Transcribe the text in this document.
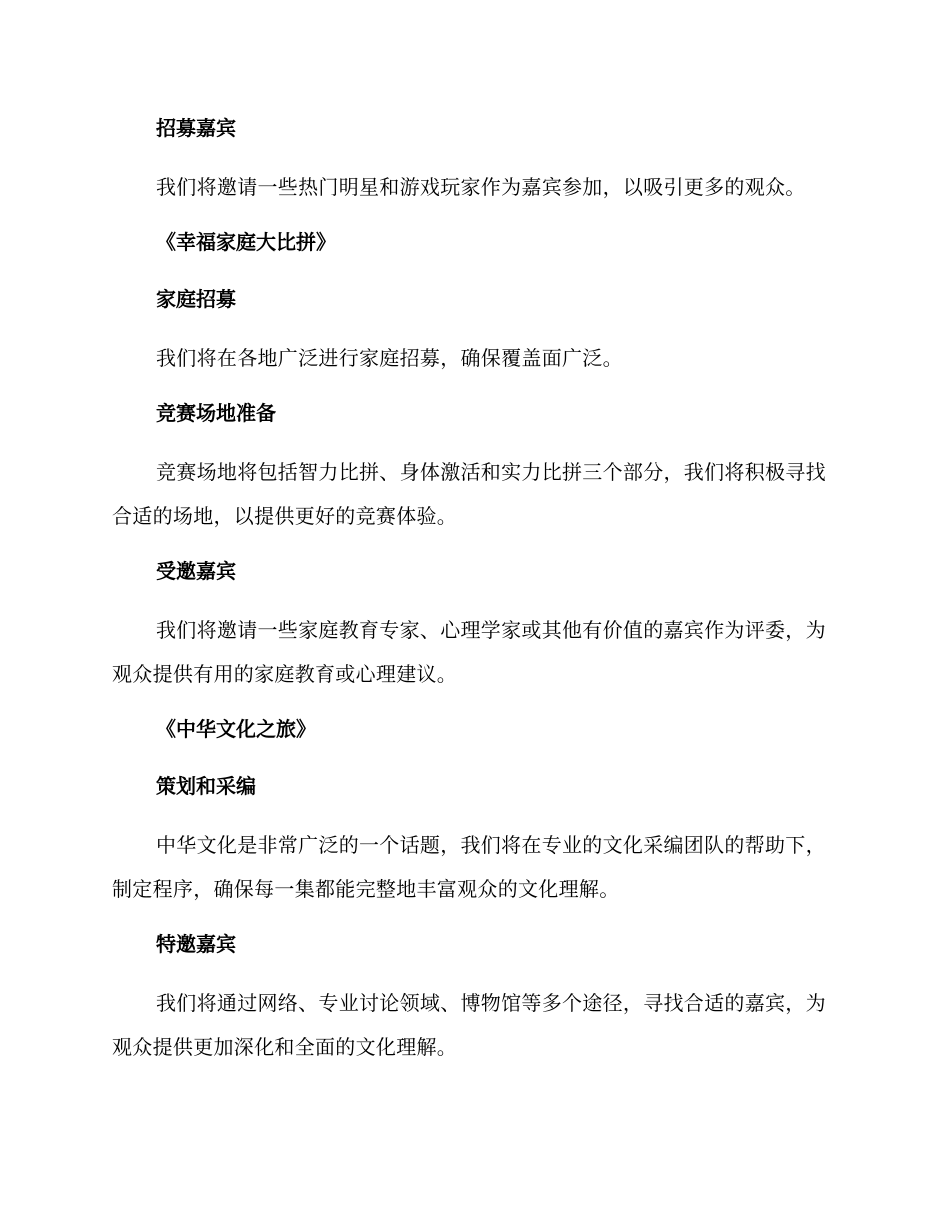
招募嘉宾

我们将邀请一些热门明星和游戏玩家作为嘉宾参加，以吸引更多的观众。

《幸福家庭大比拼》
家庭招募

我们将在各地广泛进行家庭招募，确保覆盖面广泛。

竞赛场地准备

竞赛场地将包括智力比拼、身体激活和实力比拼三个部分，我们将积极寻找合适的场地，以提供更好的竞赛体验。

受邀嘉宾

我们将邀请一些家庭教育专家、心理学家或其他有价值的嘉宾作为评委，为观众提供有用的家庭教育或心理建议。

《中华文化之旅》
策划和采编

中华文化是非常广泛的一个话题，我们将在专业的文化采编团队的帮助下，制定程序，确保每一集都能完整地丰富观众的文化理解。

特邀嘉宾

我们将通过网络、专业讨论领域、博物馆等多个途径，寻找合适的嘉宾，为观众提供更加深化和全面的文化理解。
